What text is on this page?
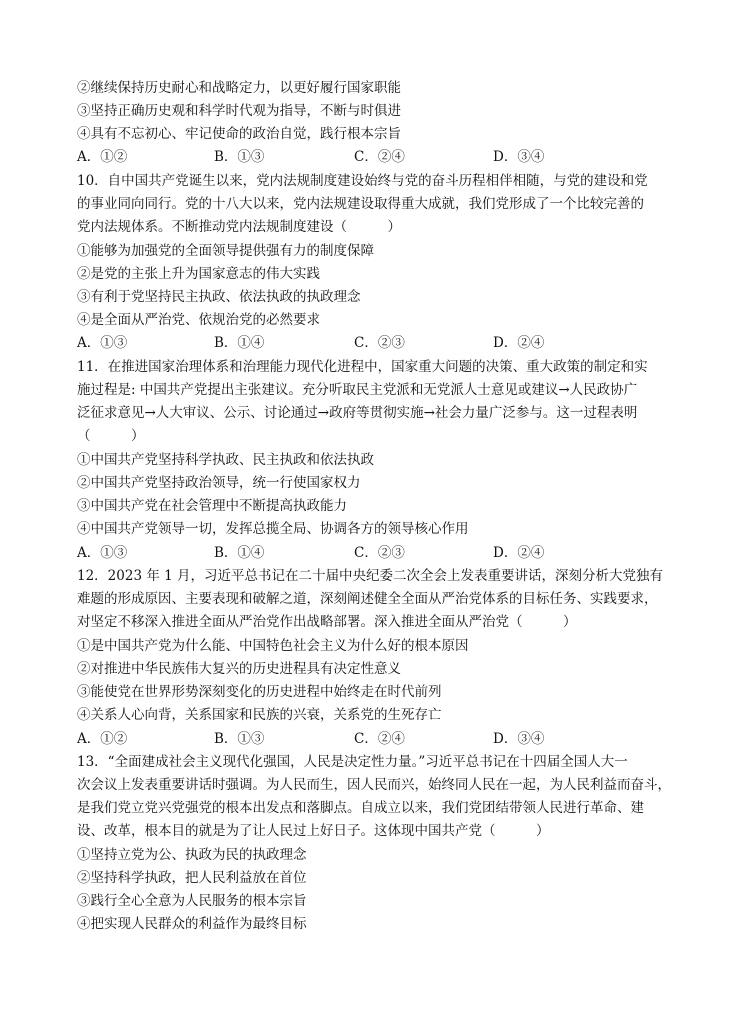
②继续保持历史耐心和战略定力，以更好履行国家职能
③坚持正确历史观和科学时代观为指导，不断与时俱进
④具有不忘初心、牢记使命的政治自觉，践行根本宗旨
A．①②	B．①③	C．②④	D．③④
10．自中国共产党诞生以来，党内法规制度建设始终与党的奋斗历程相伴相随，与党的建设和党
的事业同向同行。党的十八大以来，党内法规建设取得重大成就，我们党形成了一个比较完善的
党内法规体系。不断推动党内法规制度建设（　　　）
①能够为加强党的全面领导提供强有力的制度保障
②是党的主张上升为国家意志的伟大实践
③有利于党坚持民主执政、依法执政的执政理念
④是全面从严治党、依规治党的必然要求
A．①③	B．①④	C．②③	D．②④
11．在推进国家治理体系和治理能力现代化进程中，国家重大问题的决策、重大政策的制定和实
施过程是: 中国共产党提出主张建议。充分听取民主党派和无党派人士意见或建议→人民政协广
泛征求意见→人大审议、公示、讨论通过→政府等贯彻实施→社会力量广泛参与。这一过程表明
（　　　）
①中国共产党坚持科学执政、民主执政和依法执政
②中国共产党坚持政治领导，统一行使国家权力
③中国共产党在社会管理中不断提高执政能力
④中国共产党领导一切，发挥总揽全局、协调各方的领导核心作用
A．①③	B．①④	C．②③	D．②④
12．2023 年 1 月，习近平总书记在二十届中央纪委二次全会上发表重要讲话，深刻分析大党独有
难题的形成原因、主要表现和破解之道，深刻阐述健全全面从严治党体系的目标任务、实践要求，
对坚定不移深入推进全面从严治党作出战略部署。深入推进全面从严治党（　　　）
①是中国共产党为什么能、中国特色社会主义为什么好的根本原因
②对推进中华民族伟大复兴的历史进程具有决定性意义
③能使党在世界形势深刻变化的历史进程中始终走在时代前列
④关系人心向背，关系国家和民族的兴衰，关系党的生死存亡
A．①②	B．①③	C．②④	D．③④
13．“全面建成社会主义现代化强国，人民是决定性力量。”习近平总书记在十四届全国人大一
次会议上发表重要讲话时强调。为人民而生，因人民而兴，始终同人民在一起，为人民利益而奋斗，
是我们党立党兴党强党的根本出发点和落脚点。自成立以来，我们党团结带领人民进行革命、建
设、改革，根本目的就是为了让人民过上好日子。这体现中国共产党（　　　）
①坚持立党为公、执政为民的执政理念
②坚持科学执政，把人民利益放在首位
③践行全心全意为人民服务的根本宗旨
④把实现人民群众的利益作为最终目标
